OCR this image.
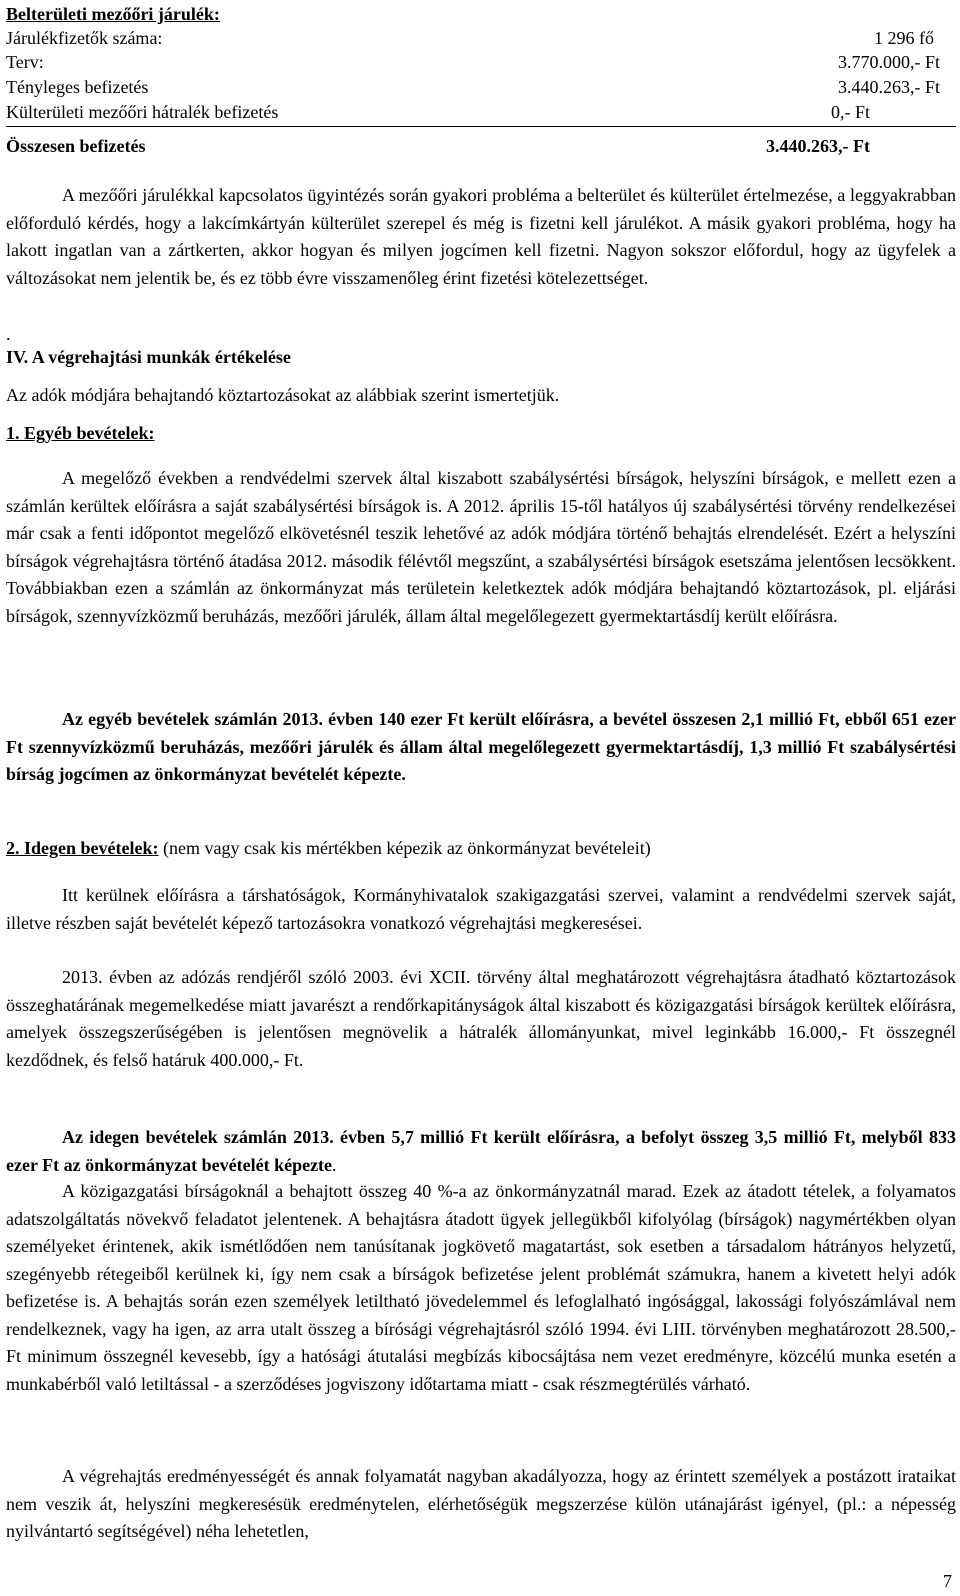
Belterületi mezőőri járulék:
Járulékfizetők száma:	1 296 fő
Terv:	3.770.000,- Ft
Tényleges befizetés	3.440.263,- Ft
Külterületi mezőőri hátralék befizetés	0,- Ft
Összesen befizetés	3.440.263,- Ft

A mezőőri járulékkal kapcsolatos ügyintézés során gyakori probléma a belterület és külterület értelmezése, a leggyakrabban előforduló kérdés, hogy a lakcímkártyán külterület szerepel és még is fizetni kell járulékot. A másik gyakori probléma, hogy ha lakott ingatlan van a zártkerten, akkor hogyan és milyen jogcímen kell fizetni. Nagyon sokszor előfordul, hogy az ügyfelek a változásokat nem jelentik be, és ez több évre visszamenőleg érint fizetési kötelezettséget.

.
IV. A végrehajtási munkák értékelése
Az adók módjára behajtandó köztartozásokat az alábbiak szerint ismertetjük.
1. Egyéb bevételek:

A megelőző években a rendvédelmi szervek által kiszabott szabálysértési bírságok, helyszíni bírságok, e mellett ezen a számlán kerültek előírásra a saját szabálysértési bírságok is. A 2012. április 15-től hatályos új szabálysértési törvény rendelkezései már csak a fenti időpontot megelőző elkövetésnél teszik lehetővé az adók módjára történő behajtás elrendelését. Ezért a helyszíni bírságok végrehajtásra történő átadása 2012. második félévtől megszűnt, a szabálysértési bírságok esetszáma jelentősen lecsökkent. Továbbiakban ezen a számlán az önkormányzat más területein keletkeztek adók módjára behajtandó köztartozások, pl. eljárási bírságok, szennyvízközmű beruházás, mezőőri járulék, állam által megelőlegezett gyermektartásdíj került előírásra.

Az egyéb bevételek számlán 2013. évben 140 ezer Ft került előírásra, a bevétel összesen 2,1 millió Ft, ebből 651 ezer Ft szennyvízközmű beruházás, mezőőri járulék és állam által megelőlegezett gyermektartásdíj, 1,3 millió Ft szabálysértési bírság jogcímen az önkormányzat bevételét képezte.

2. Idegen bevételek: (nem vagy csak kis mértékben képezik az önkormányzat bevételeit)

Itt kerülnek előírásra a társhatóságok, Kormányhivatalok szakigazgatási szervei, valamint a rendvédelmi szervek saját, illetve részben saját bevételét képező tartozásokra vonatkozó végrehajtási megkeresései.

2013. évben az adózás rendjéről szóló 2003. évi XCII. törvény által meghatározott végrehajtásra átadható köztartozások összeghatárának megemelkedése miatt javarészt a rendőrkapitányságok által kiszabott és közigazgatási bírságok kerültek előírásra, amelyek összegszerűségében is jelentősen megnövelik a hátralék állományunkat, mivel leginkább 16.000,- Ft összegnél kezdődnek, és felső határuk 400.000,- Ft.

Az idegen bevételek számlán 2013. évben 5,7 millió Ft került előírásra, a befolyt összeg 3,5 millió Ft, melyből 833 ezer Ft az önkormányzat bevételét képezte.

A közigazgatási bírságoknál a behajtott összeg 40 %-a az önkormányzatnál marad. Ezek az átadott tételek, a folyamatos adatszolgáltatás növekvő feladatot jelentenek. A behajtásra átadott ügyek jellegükből kifolyólag (bírságok) nagymértékben olyan személyeket érintenek, akik ismétlődően nem tanúsítanak jogkövető magatartást, sok esetben a társadalom hátrányos helyzetű, szegényebb rétegeiből kerülnek ki, így nem csak a bírságok befizetése jelent problémát számukra, hanem a kivetett helyi adók befizetése is. A behajtás során ezen személyek letiltható jövedelemmel és lefoglalható ingósággal, lakossági folyószámlával nem rendelkeznek, vagy ha igen, az arra utalt összeg a bírósági végrehajtásról szóló 1994. évi LIII. törvényben meghatározott 28.500,- Ft minimum összegnél kevesebb, így a hatósági átutalási megbízás kibocsájtása nem vezet eredményre, közcélú munka esetén a munkabérből való letiltással - a szerződéses jogviszony időtartama miatt - csak részmegtérülés várható.

A végrehajtás eredményességét és annak folyamatát nagyban akadályozza, hogy az érintett személyek a postázott irataikat nem veszik át, helyszíni megkeresésük eredménytelen, elérhetőségük megszerzése külön utánajárást igényel, (pl.: a népesség nyilvántartó segítségével) néha lehetetlen,

7
